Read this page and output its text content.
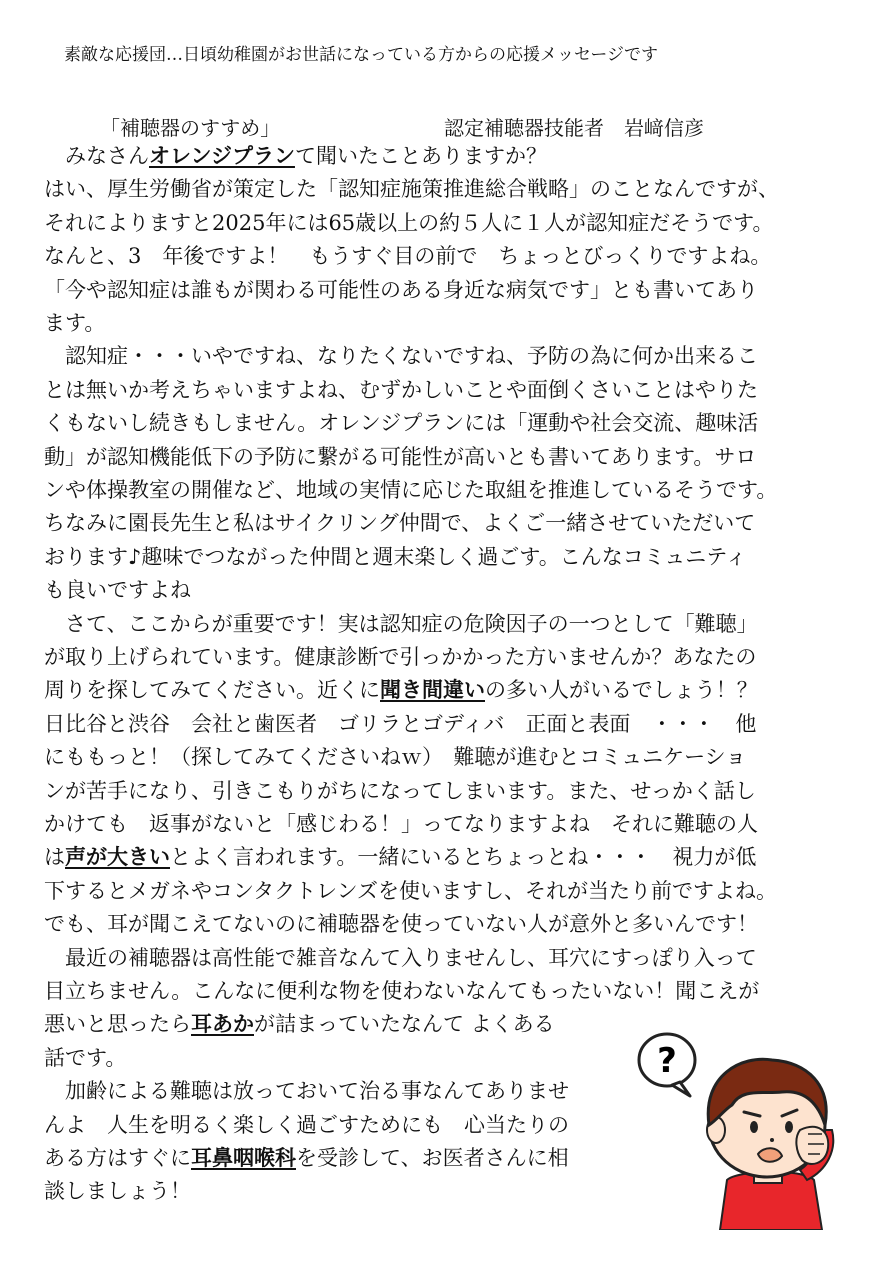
素敵な応援団…日頃幼稚園がお世話になっている方からの応援メッセージです
「補聴器のすすめ」	認定補聴器技能者　岩﨑信彦
　みなさんオレンジプランて聞いたことありますか？
はい、厚生労働省が策定した「認知症施策推進総合戦略」のことなんですが、
それによりますと2025年には65歳以上の約５人に１人が認知症だそうです。
なんと、3　年後ですよ！　もうすぐ目の前で　ちょっとびっくりですよね。
「今や認知症は誰もが関わる可能性のある身近な病気です」とも書いてあり
ます。
　認知症・・・いやですね、なりたくないですね、予防の為に何か出来るこ
とは無いか考えちゃいますよね、むずかしいことや面倒くさいことはやりた
くもないし続きもしません。オレンジプランには「運動や社会交流、趣味活
動」が認知機能低下の予防に繋がる可能性が高いとも書いてあります。サロ
ンや体操教室の開催など、地域の実情に応じた取組を推進しているそうです。
ちなみに園長先生と私はサイクリング仲間で、よくご一緒させていただいて
おります♪趣味でつながった仲間と週末楽しく過ごす。こんなコミュニティ
も良いですよね
　さて、ここからが重要です！実は認知症の危険因子の一つとして「難聴」
が取り上げられています。健康診断で引っかかった方いませんか？あなたの
周りを探してみてください。近くに聞き間違いの多い人がいるでしょう！？
日比谷と渋谷　会社と歯医者　ゴリラとゴディバ　正面と表面　・・・　他
にももっと！（探してみてくださいねｗ）　難聴が進むとコミュニケーショ
ンが苦手になり、引きこもりがちになってしまいます。また、せっかく話し
かけても　返事がないと「感じわる！」ってなりますよね　それに難聴の人
は声が大きいとよく言われます。一緒にいるとちょっとね・・・　視力が低
下するとメガネやコンタクトレンズを使いますし、それが当たり前ですよね。
でも、耳が聞こえてないのに補聴器を使っていない人が意外と多いんです！
　最近の補聴器は高性能で雑音なんて入りませんし、耳穴にすっぽり入って
目立ちません。こんなに便利な物を使わないなんてもったいない！聞こえが
悪いと思ったら耳あかが詰まっていたなんて よくある
話です。
　加齢による難聴は放っておいて治る事なんてありませ
んよ　人生を明るく楽しく過ごすためにも　心当たりの
ある方はすぐに耳鼻咽喉科を受診して、お医者さんに相
談しましょう！
?
